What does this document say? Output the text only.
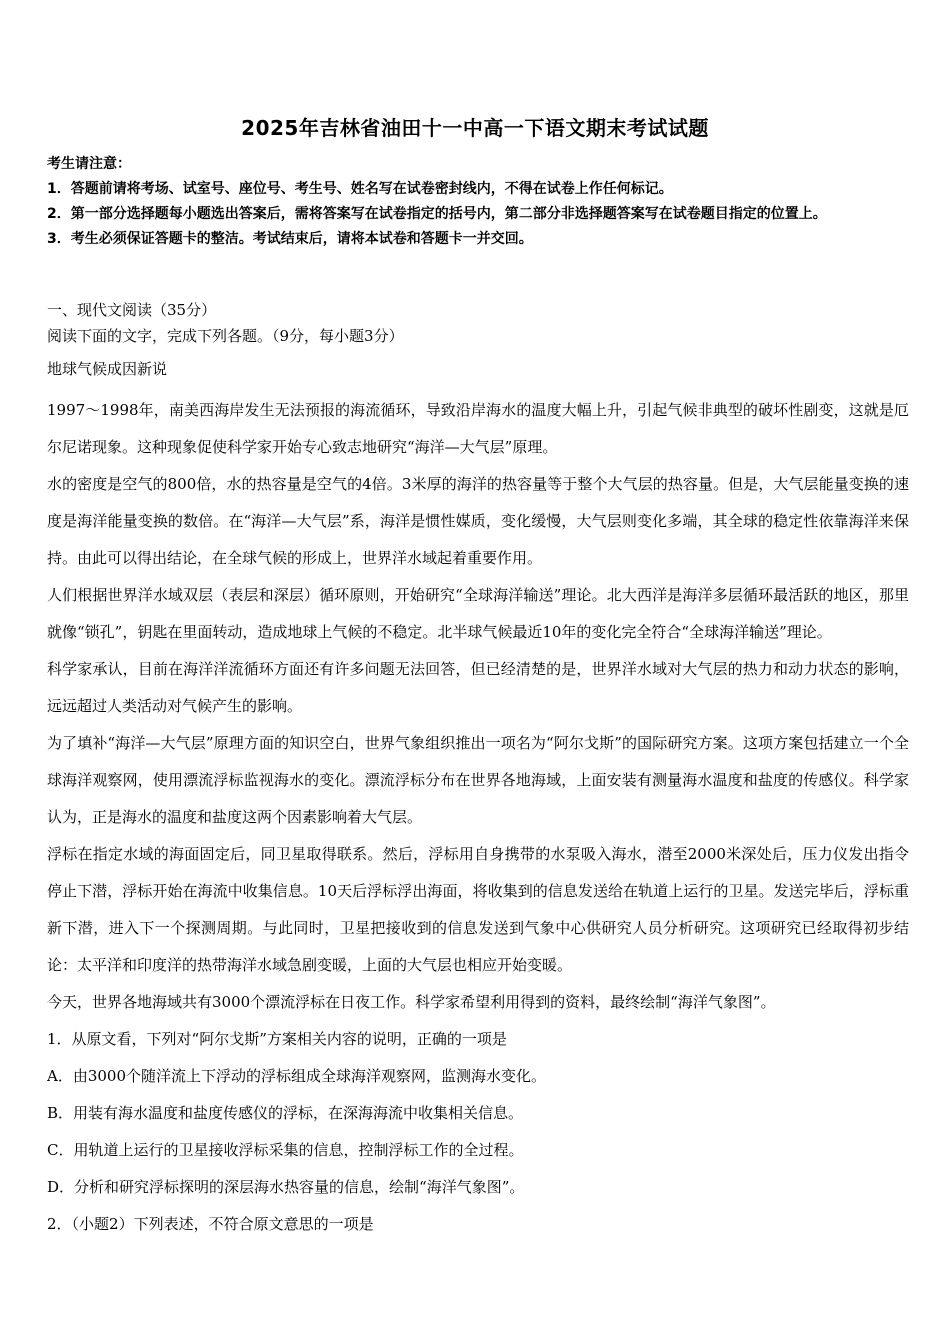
2025年吉林省油田十一中高一下语文期末考试试题
考生请注意：
1．答题前请将考场、试室号、座位号、考生号、姓名写在试卷密封线内，不得在试卷上作任何标记。
2．第一部分选择题每小题选出答案后，需将答案写在试卷指定的括号内，第二部分非选择题答案写在试卷题目指定的位置上。
3．考生必须保证答题卡的整洁。考试结束后，请将本试卷和答题卡一并交回。
一、现代文阅读（35分）

阅读下面的文字，完成下列各题。（9分，每小题3分）

地球气候成因新说

1997～1998年，南美西海岸发生无法预报的海流循环，导致沿岸海水的温度大幅上升，引起气候非典型的破坏性剧变，这就是厄尔尼诺现象。这种现象促使科学家开始专心致志地研究“海洋—大气层”原理。

水的密度是空气的800倍，水的热容量是空气的4倍。3米厚的海洋的热容量等于整个大气层的热容量。但是，大气层能量变换的速度是海洋能量变换的数倍。在“海洋—大气层”系，海洋是惯性媒质，变化缓慢，大气层则变化多端，其全球的稳定性依靠海洋来保持。由此可以得出结论，在全球气候的形成上，世界洋水域起着重要作用。

人们根据世界洋水域双层（表层和深层）循环原则，开始研究“全球海洋输送”理论。北大西洋是海洋多层循环最活跃的地区，那里就像“锁孔”，钥匙在里面转动，造成地球上气候的不稳定。北半球气候最近10年的变化完全符合“全球海洋输送”理论。

科学家承认，目前在海洋洋流循环方面还有许多问题无法回答，但已经清楚的是，世界洋水域对大气层的热力和动力状态的影响，远远超过人类活动对气候产生的影响。

为了填补“海洋—大气层”原理方面的知识空白，世界气象组织推出一项名为“阿尔戈斯”的国际研究方案。这项方案包括建立一个全球海洋观察网，使用漂流浮标监视海水的变化。漂流浮标分布在世界各地海域，上面安装有测量海水温度和盐度的传感仪。科学家认为，正是海水的温度和盐度这两个因素影响着大气层。

浮标在指定水域的海面固定后，同卫星取得联系。然后，浮标用自身携带的水泵吸入海水，潜至2000米深处后，压力仪发出指令停止下潜，浮标开始在海流中收集信息。10天后浮标浮出海面，将收集到的信息发送给在轨道上运行的卫星。发送完毕后，浮标重新下潜，进入下一个探测周期。与此同时，卫星把接收到的信息发送到气象中心供研究人员分析研究。这项研究已经取得初步结论：太平洋和印度洋的热带海洋水域急剧变暖，上面的大气层也相应开始变暖。

今天，世界各地海域共有3000个漂流浮标在日夜工作。科学家希望利用得到的资料，最终绘制“海洋气象图”。

1．从原文看，下列对“阿尔戈斯”方案相关内容的说明，正确的一项是

A．由3000个随洋流上下浮动的浮标组成全球海洋观察网，监测海水变化。

B．用装有海水温度和盐度传感仪的浮标，在深海海流中收集相关信息。

C．用轨道上运行的卫星接收浮标采集的信息，控制浮标工作的全过程。

D．分析和研究浮标探明的深层海水热容量的信息，绘制“海洋气象图”。

2．（小题2）下列表述，不符合原文意思的一项是
